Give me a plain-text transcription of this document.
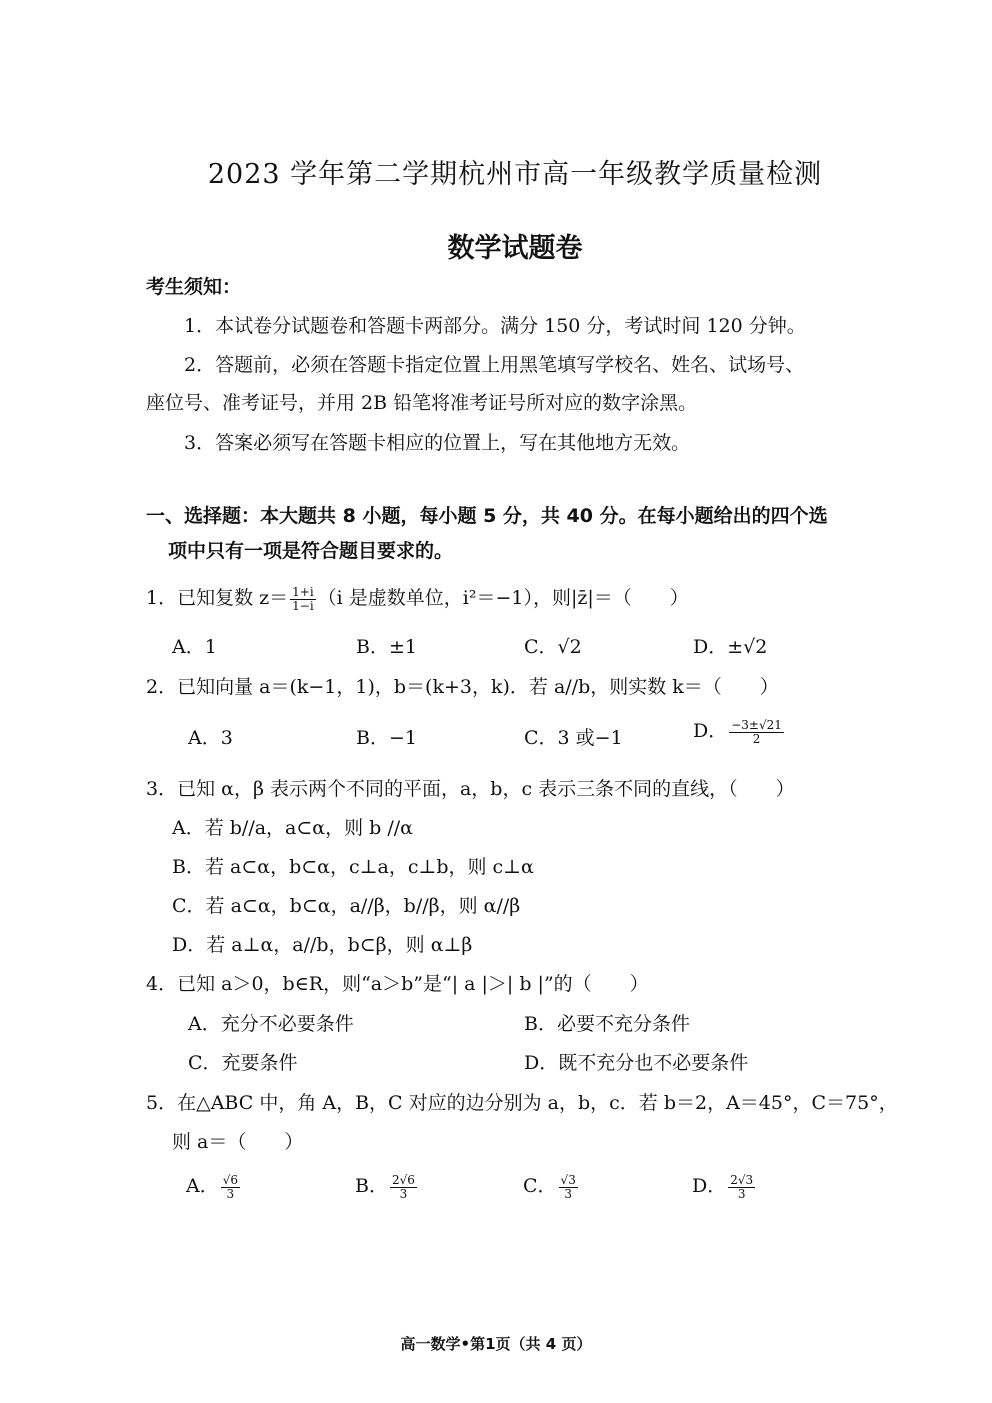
2023 学年第二学期杭州市高一年级教学质量检测
数学试题卷
考生须知：
1．本试卷分试题卷和答题卡两部分。满分 150 分，考试时间 120 分钟。
2．答题前，必须在答题卡指定位置上用黑笔填写学校名、姓名、试场号、
座位号、准考证号，并用 2B 铅笔将准考证号所对应的数字涂黑。
3．答案必须写在答题卡相应的位置上，写在其他地方无效。
一、选择题：本大题共 8 小题，每小题 5 分，共 40 分。在每小题给出的四个选
项中只有一项是符合题目要求的。
1．已知复数 $z= \frac{1+i}{1-i} (i$ 是虚数单位，i²＝−1），则|z̄|＝（　　）
A．1	B．±1	C．√2	D．±√2
2．已知向量 a＝(k−1，1)，b＝(k+3，k)．若 a//b，则实数 k＝（　　）
A．3	B．−1	C．3 或−1	D． $\frac{-3\pm√21}{2}$
3．已知 α，β 表示两个不同的平面，a，b，c 表示三条不同的直线，（　　）
A．若 b//a，a⊂α，则 b //α
B．若 a⊂α，b⊂α，c⊥a，c⊥b，则 c⊥α
C．若 a⊂α，b⊂α，a//β，b//β，则 α//β
D．若 a⊥α，a//b，b⊂β，则 α⊥β
4．已知 a＞0，b∈R，则“a＞b”是“| a |＞| b |”的（　　）
A．充分不必要条件	B．必要不充分条件
C．充要条件	D．既不充分也不必要条件
5．在△ABC 中，角 A，B，C 对应的边分别为 a，b，c．若 b＝2，A＝45°，C＝75°，
则 a＝（　　）
A． $\frac{√6}{3}$	B． $\frac{2√6}{3}$	C． $\frac{√3}{3}$	D． $\frac{2√3}{3}$
高一数学•第1页（共 4 页）
